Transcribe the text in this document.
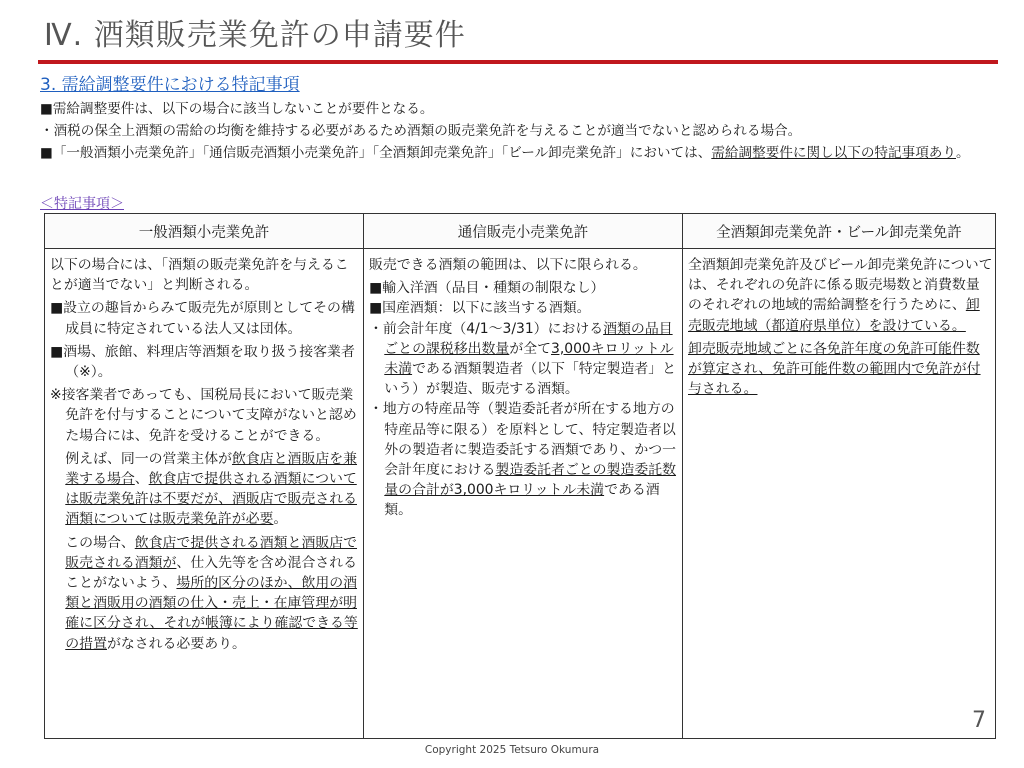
Ⅳ. 酒類販売業免許の申請要件
3. 需給調整要件における特記事項

■需給調整要件は、以下の場合に該当しないことが要件となる。

・酒税の保全上酒類の需給の均衡を維持する必要があるため酒類の販売業免許を与えることが適当でないと認められる場合。

■「一般酒類小売業免許」「通信販売酒類小売業免許」「全酒類卸売業免許」「ビール卸売業免許」においては、需給調整要件に関し以下の特記事項あり。

＜特記事項＞
一般酒類小売業免許	通信販売小売業免許	全酒類卸売業免許・ビール卸売業免許

以下の場合には、「酒類の販売業免許を与えることが適当でない」と判断される。

■設立の趣旨からみて販売先が原則としてその構成員に特定されている法人又は団体。

■酒場、旅館、料理店等酒類を取り扱う接客業者（※）。

※接客業者であっても、国税局長において販売業免許を付与することについて支障がないと認めた場合には、免許を受けることができる。

例えば、同一の営業主体が飲食店と酒販店を兼業する場合、飲食店で提供される酒類については販売業免許は不要だが、酒販店で販売される酒類については販売業免許が必要。

この場合、飲食店で提供される酒類と酒販店で販売される酒類が、仕入先等を含め混合されることがないよう、場所的区分のほか、飲用の酒類と酒販用の酒類の仕入・売上・在庫管理が明確に区分され、それが帳簿により確認できる等の措置がなされる必要あり。

販売できる酒類の範囲は、以下に限られる。

■輸入洋酒（品目・種類の制限なし）

■国産酒類：以下に該当する酒類。

・前会計年度（4/1～3/31）における酒類の品目ごとの課税移出数量が全て3,000キロリットル未満である酒類製造者（以下「特定製造者」という）が製造、販売する酒類。

・地方の特産品等（製造委託者が所在する地方の特産品等に限る）を原料として、特定製造者以外の製造者に製造委託する酒類であり、かつ一会計年度における製造委託者ごとの製造委託数量の合計が3,000キロリットル未満である酒類。

全酒類卸売業免許及びビール卸売業免許については、それぞれの免許に係る販売場数と消費数量のそれぞれの地域的需給調整を行うために、卸売販売地域（都道府県単位）を設けている。

卸売販売地域ごとに各免許年度の免許可能件数が算定され、免許可能件数の範囲内で免許が付与される。

7
Copyright 2025 Tetsuro Okumura
